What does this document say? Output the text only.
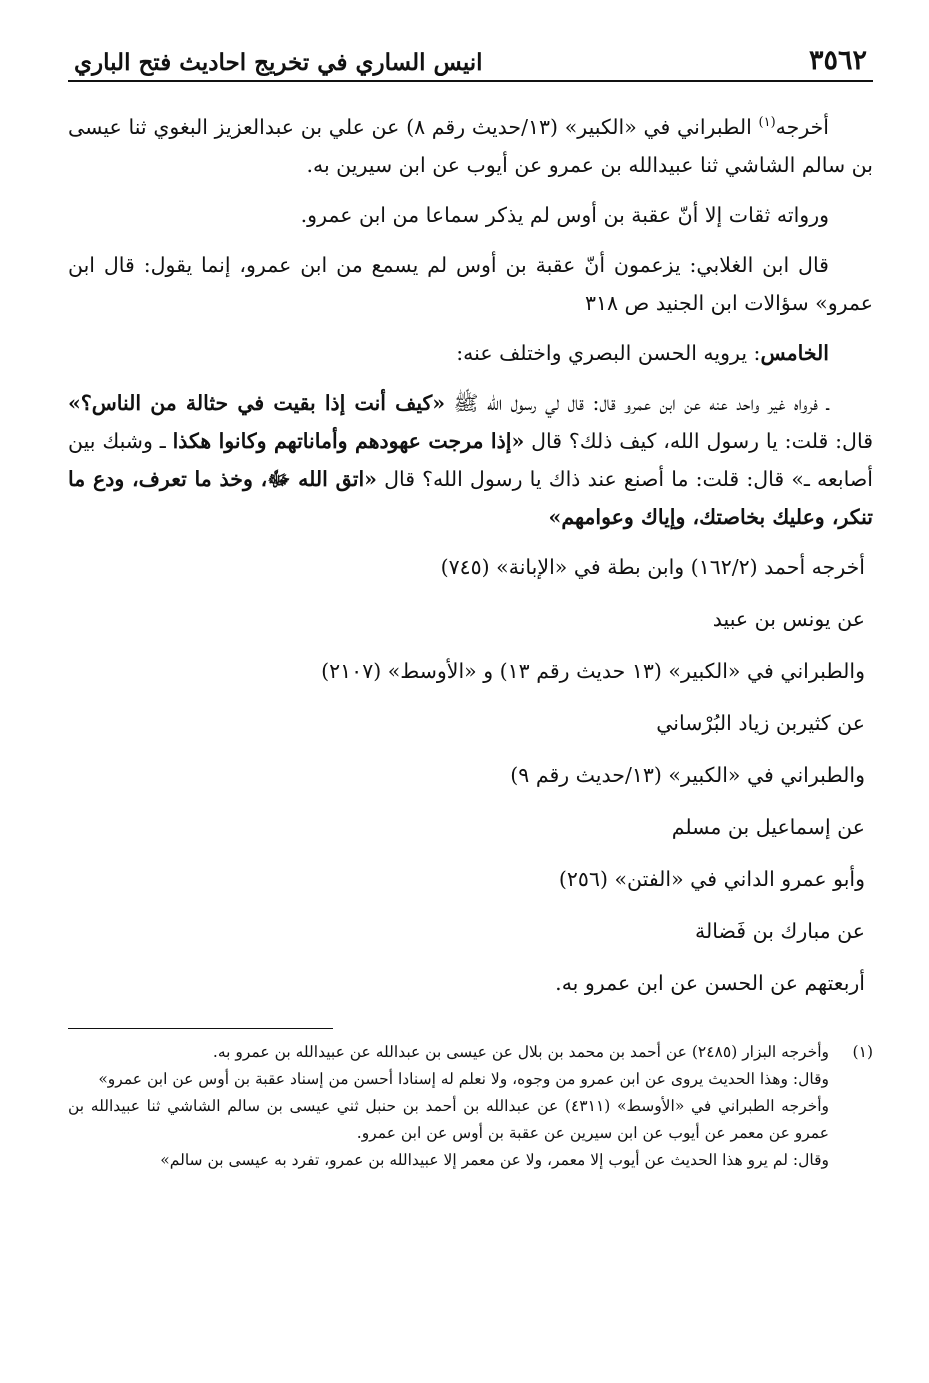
٣٥٦٢
انيس الساري في تخريج احاديث فتح الباري

أخرجه$^{(١)}$ الطبراني في «الكبير» (١٣/حديث رقم ٨) عن علي بن عبدالعزيز البغوي ثنا عيسى بن سالم الشاشي ثنا عبيدالله بن عمرو عن أيوب عن ابن سيرين به.

ورواته ثقات إلا أنّ عقبة بن أوس لم يذكر سماعا من ابن عمرو.

قال ابن الغلابي: يزعمون أنّ عقبة بن أوس لم يسمع من ابن عمرو، إنما يقول: قال ابن عمرو» سؤالات ابن الجنيد ص ٣١٨

الخامس: يرويه الحسن البصري واختلف عنه:

ـ فرواه غير واحد عنه عن ابن عمرو قال: قال لي رسول الله ﷺ «كيف أنت إذا بقيت في حثالة من الناس؟» قال: قلت: يا رسول الله، كيف ذلك؟ قال «إذا مرجت عهودهم وأماناتهم وكانوا هكذا ـ وشبك بين أصابعه ـ» قال: قلت: ما أصنع عند ذاك يا رسول الله؟ قال «اتق الله ﷻ، وخذ ما تعرف، ودع ما تنكر، وعليك بخاصتك، وإياك وعوامهم»

أخرجه أحمد (١٦٢/٢) وابن بطة في «الإبانة» (٧٤٥)

عن يونس بن عبيد

والطبراني في «الكبير» (١٣ حديث رقم ١٣) و «الأوسط» (٢١٠٧)

عن كثيربن زياد البُرْساني

والطبراني في «الكبير» (١٣/حديث رقم ٩)

عن إسماعيل بن مسلم

وأبو عمرو الداني في «الفتن» (٢٥٦)

عن مبارك بن فَضالة

أربعتهم عن الحسن عن ابن عمرو به.

(١)

وأخرجه البزار (٢٤٨٥) عن أحمد بن محمد بن بلال عن عيسى بن عبدالله عن عبيدالله بن عمرو به.

وقال: وهذا الحديث يروى عن ابن عمرو من وجوه، ولا نعلم له إسنادا أحسن من إسناد عقبة بن أوس عن ابن عمرو»

وأخرجه الطبراني في «الأوسط» (٤٣١١) عن عبدالله بن أحمد بن حنبل ثني عيسى بن سالم الشاشي ثنا عبيدالله بن عمرو عن معمر عن أيوب عن ابن سيرين عن عقبة بن أوس عن ابن عمرو.

وقال: لم يرو هذا الحديث عن أيوب إلا معمر، ولا عن معمر إلا عبيدالله بن عمرو، تفرد به عيسى بن سالم»
